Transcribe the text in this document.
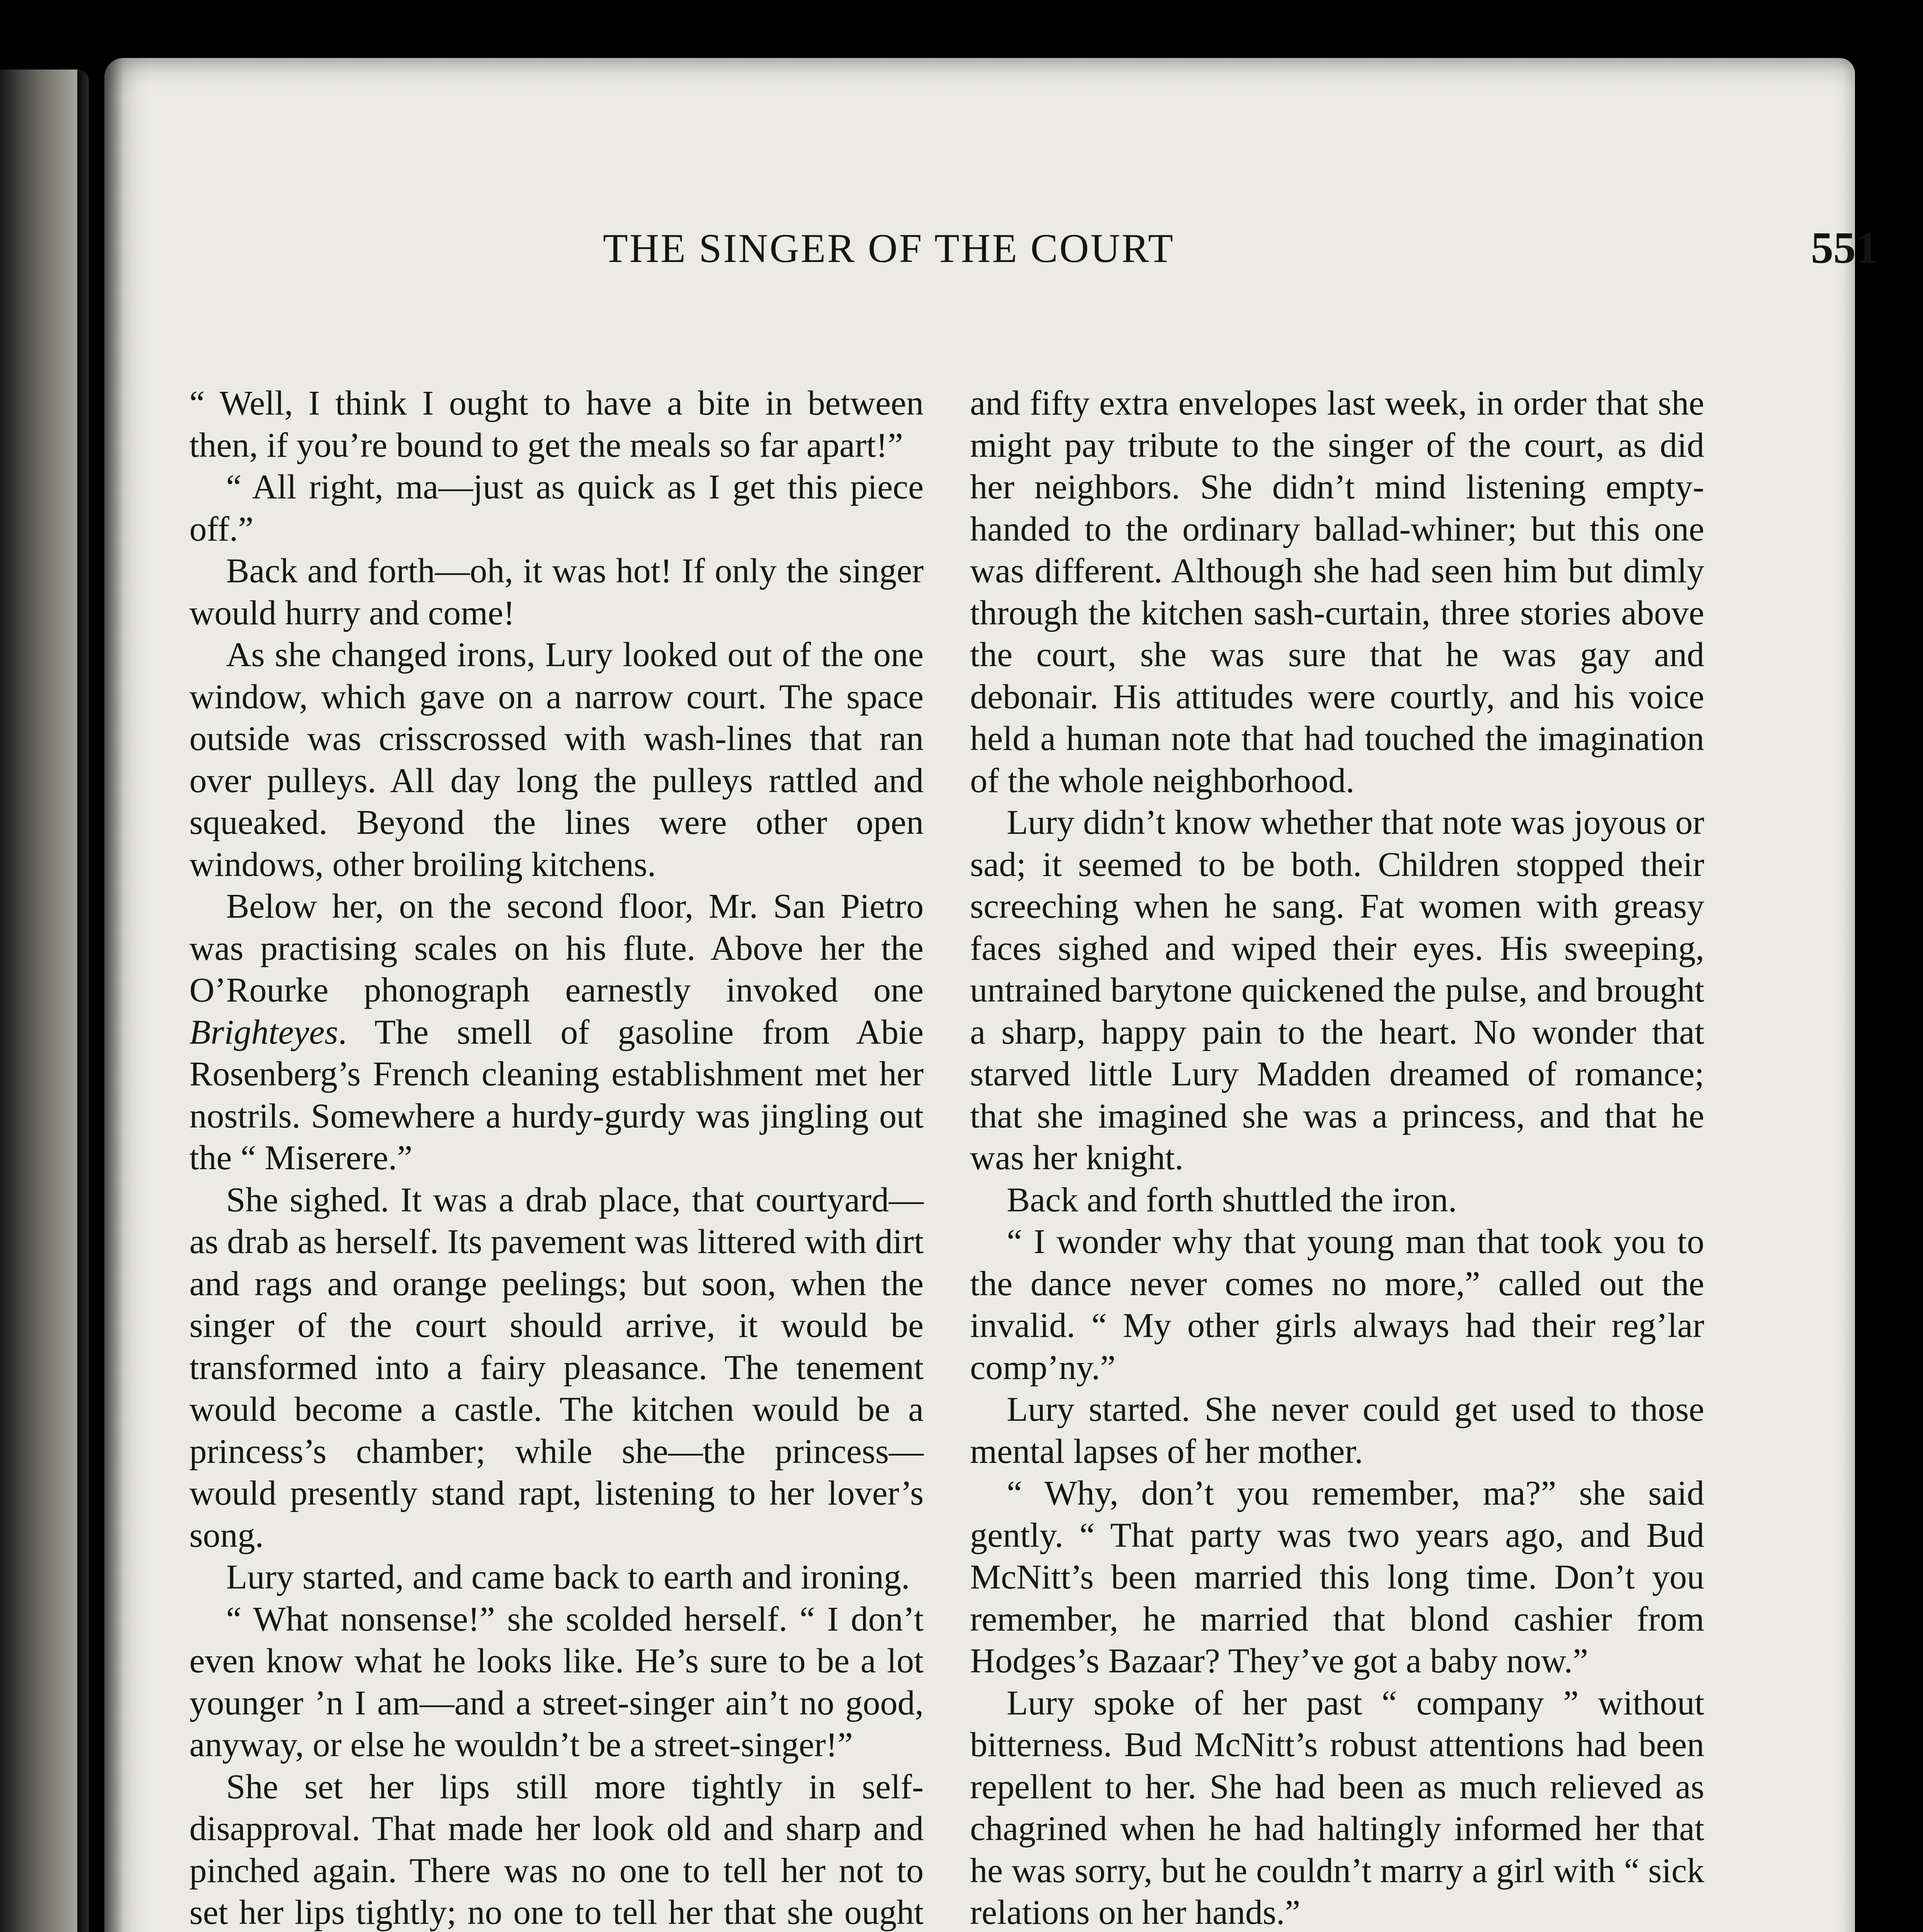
THE SINGER OF THE COURT	551

“ Well, I think I ought to have a bite in between then, if you’re bound to get the meals so far apart!”

“ All right, ma—just as quick as I get this piece off.”

Back and forth—oh, it was hot! If only the singer would hurry and come!

As she changed irons, Lury looked out of the one window, which gave on a narrow court. The space outside was crisscrossed with wash-lines that ran over pulleys. All day long the pulleys rattled and squeaked. Beyond the lines were other open windows, other broiling kitchens.

Below her, on the second floor, Mr. San Pietro was practising scales on his flute. Above her the O’Rourke phonograph earnestly invoked one Brighteyes. The smell of gasoline from Abie Rosenberg’s French cleaning establishment met her nostrils. Somewhere a hurdy-gurdy was jingling out the “ Miserere.”

She sighed. It was a drab place, that courtyard—as drab as herself. Its pavement was littered with dirt and rags and orange peelings; but soon, when the singer of the court should arrive, it would be transformed into a fairy pleasance. The tenement would become a castle. The kitchen would be a princess’s chamber; while she—the princess—would presently stand rapt, listening to her lover’s song.

Lury started, and came back to earth and ironing.

“ What nonsense!” she scolded herself. “ I don’t even know what he looks like. He’s sure to be a lot younger ’n I am—and a street-singer ain’t no good, anyway, or else he wouldn’t be a street-singer!”

She set her lips still more tightly in self-disapproval. That made her look old and sharp and pinched again. There was no one to tell her not to set her lips tightly; no one to tell her that she ought

and fifty extra envelopes last week, in order that she might pay tribute to the singer of the court, as did her neighbors. She didn’t mind listening empty-handed to the ordinary ballad-whiner; but this one was different. Although she had seen him but dimly through the kitchen sash-curtain, three stories above the court, she was sure that he was gay and debonair. His attitudes were courtly, and his voice held a human note that had touched the imagination of the whole neighborhood.

Lury didn’t know whether that note was joyous or sad; it seemed to be both. Children stopped their screeching when he sang. Fat women with greasy faces sighed and wiped their eyes. His sweeping, untrained barytone quickened the pulse, and brought a sharp, happy pain to the heart. No wonder that starved little Lury Madden dreamed of romance; that she imagined she was a princess, and that he was her knight.

Back and forth shuttled the iron.

“ I wonder why that young man that took you to the dance never comes no more,” called out the invalid. “ My other girls always had their reg’lar comp’ny.”

Lury started. She never could get used to those mental lapses of her mother.

“ Why, don’t you remember, ma?” she said gently. “ That party was two years ago, and Bud McNitt’s been married this long time. Don’t you remember, he married that blond cashier from Hodges’s Bazaar? They’ve got a baby now.”

Lury spoke of her past “ company ” without bitterness. Bud McNitt’s robust attentions had been repellent to her. She had been as much relieved as chagrined when he had haltingly informed her that he was sorry, but he couldn’t marry a girl with “ sick relations on her hands.”
